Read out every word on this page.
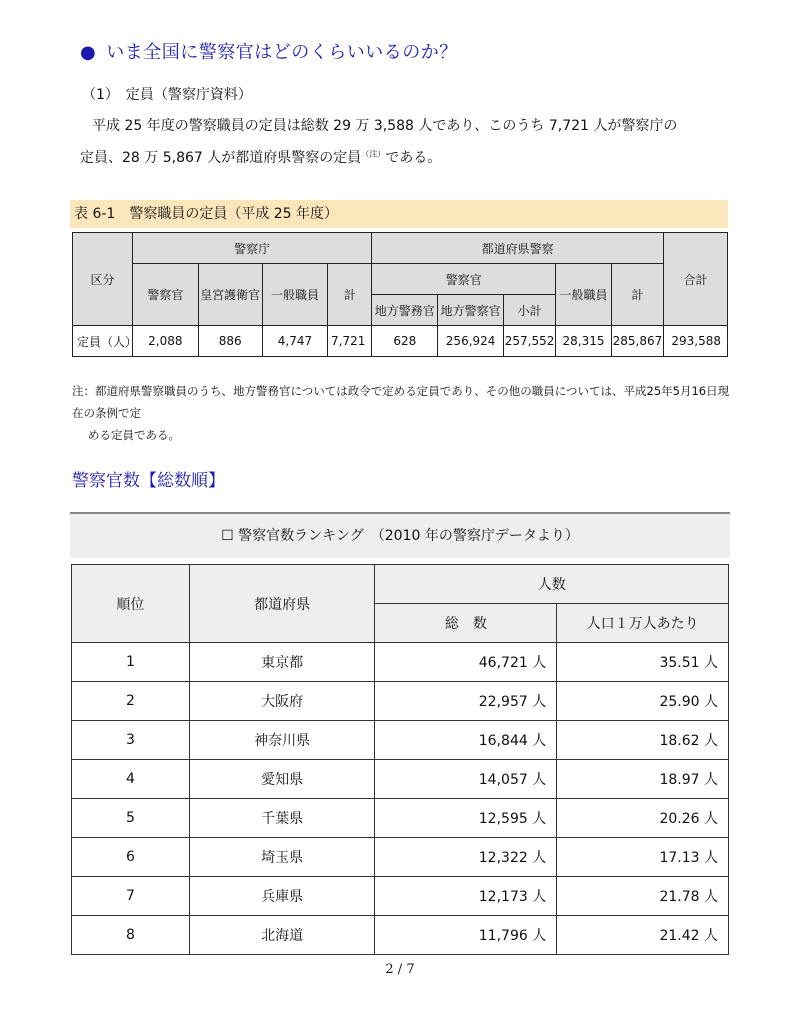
● いま全国に警察官はどのくらいいるのか？
（1）　定員（警察庁資料）
平成 25 年度の警察職員の定員は総数 29 万 3,588 人であり、このうち 7,721 人が警察庁の
定員、28 万 5,867 人が都道府県警察の定員$^{(注)}$である。
表 6-1　警察職員の定員（平成 25 年度）
区分	警察庁				都道府県警察					合計
	警察官	皇宮護衛官	一般職員	計	警察官			一般職員	計	
					地方警務官	地方警察官	小計			
定員（人）	2,088	886	4,747	7,721	628	256,924	257,552	28,315	285,867	293,588
注：都道府県警察職員のうち、地方警務官については政令で定める定員であり、その他の職員については、平成25年5月16日現在の条例で定
める定員である。
警察官数【総数順】
☐ 警察官数ランキング　（2010 年の警察庁データより）
順位	都道府県	人数	
		総　数	人口１万人あたり
1	東京都	46,721 人	35.51 人
2	大阪府	22,957 人	25.90 人
3	神奈川県	16,844 人	18.62 人
4	愛知県	14,057 人	18.97 人
5	千葉県	12,595 人	20.26 人
6	埼玉県	12,322 人	17.13 人
7	兵庫県	12,173 人	21.78 人
8	北海道	11,796 人	21.42 人
2 / 7
